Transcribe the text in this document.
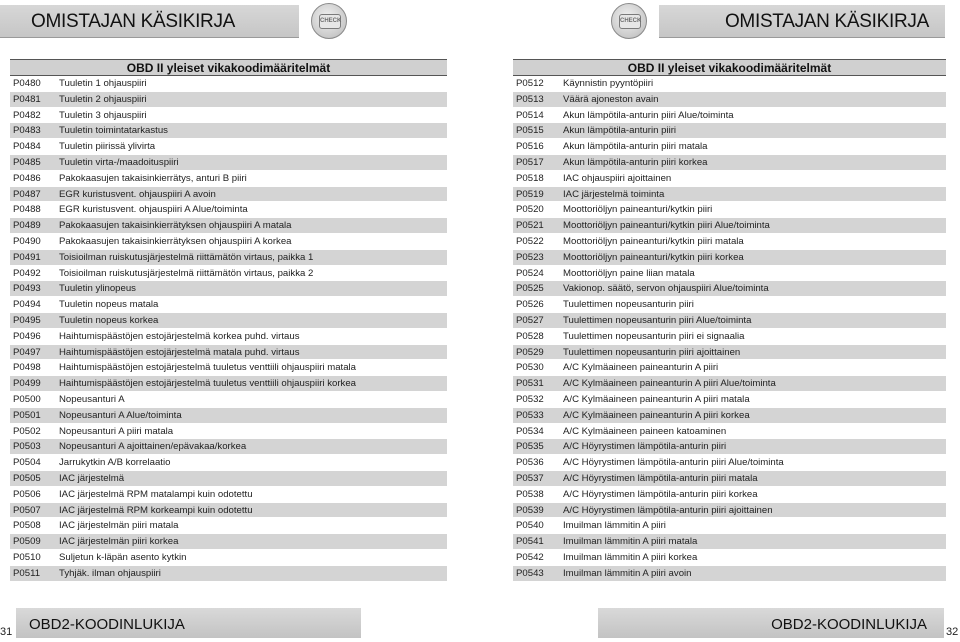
OMISTAJAN KÄSIKIRJA	CHECK	CHECK	OMISTAJAN KÄSIKIRJA
OBD II yleiset vikakoodimääritelmät
P0480	Tuuletin 1 ohjauspiiri
P0481	Tuuletin 2 ohjauspiiri
P0482	Tuuletin 3 ohjauspiiri
P0483	Tuuletin toimintatarkastus
P0484	Tuuletin piirissä ylivirta
P0485	Tuuletin virta-/maadoituspiiri
P0486	Pakokaasujen takaisinkierrätys, anturi B piiri
P0487	EGR kuristusvent. ohjauspiiri A avoin
P0488	EGR kuristusvent. ohjauspiiri A Alue/toiminta
P0489	Pakokaasujen takaisinkierrätyksen ohjauspiiri A matala
P0490	Pakokaasujen takaisinkierrätyksen ohjauspiiri A korkea
P0491	Toisioilman ruiskutusjärjestelmä riittämätön virtaus, paikka 1
P0492	Toisioilman ruiskutusjärjestelmä riittämätön virtaus, paikka 2
P0493	Tuuletin ylinopeus
P0494	Tuuletin nopeus matala
P0495	Tuuletin nopeus korkea
P0496	Haihtumispäästöjen estojärjestelmä korkea puhd. virtaus
P0497	Haihtumispäästöjen estojärjestelmä matala puhd. virtaus
P0498	Haihtumispäästöjen estojärjestelmä tuuletus venttiili ohjauspiiri matala
P0499	Haihtumispäästöjen estojärjestelmä tuuletus venttiili ohjauspiiri korkea
P0500	Nopeusanturi A
P0501	Nopeusanturi A Alue/toiminta
P0502	Nopeusanturi A piiri matala
P0503	Nopeusanturi A ajoittainen/epävakaa/korkea
P0504	Jarrukytkin A/B korrelaatio
P0505	IAC järjestelmä
P0506	IAC järjestelmä RPM matalampi kuin odotettu
P0507	IAC järjestelmä RPM korkeampi kuin odotettu
P0508	IAC järjestelmän piiri matala
P0509	IAC järjestelmän piiri korkea
P0510	Suljetun k-läpän asento kytkin
P0511	Tyhjäk. ilman ohjauspiiri
OBD II yleiset vikakoodimääritelmät
P0512	Käynnistin pyyntöpiiri
P0513	Väärä ajoneston avain
P0514	Akun lämpötila-anturin piiri Alue/toiminta
P0515	Akun lämpötila-anturin piiri
P0516	Akun lämpötila-anturin piiri matala
P0517	Akun lämpötila-anturin piiri korkea
P0518	IAC ohjauspiiri ajoittainen
P0519	IAC järjestelmä toiminta
P0520	Moottoriöljyn paineanturi/kytkin piiri
P0521	Moottoriöljyn paineanturi/kytkin piiri Alue/toiminta
P0522	Moottoriöljyn paineanturi/kytkin piiri matala
P0523	Moottoriöljyn paineanturi/kytkin piiri korkea
P0524	Moottoriöljyn paine liian matala
P0525	Vakionop. säätö, servon ohjauspiiri Alue/toiminta
P0526	Tuulettimen nopeusanturin piiri
P0527	Tuulettimen nopeusanturin piiri Alue/toiminta
P0528	Tuulettimen nopeusanturin piiri ei signaalia
P0529	Tuulettimen nopeusanturin piiri ajoittainen
P0530	A/C Kylmäaineen paineanturin A piiri
P0531	A/C Kylmäaineen paineanturin A piiri Alue/toiminta
P0532	A/C Kylmäaineen paineanturin A piiri matala
P0533	A/C Kylmäaineen paineanturin A piiri korkea
P0534	A/C Kylmäaineen paineen katoaminen
P0535	A/C Höyrystimen lämpötila-anturin piiri
P0536	A/C Höyrystimen lämpötila-anturin piiri Alue/toiminta
P0537	A/C Höyrystimen lämpötila-anturin piiri matala
P0538	A/C Höyrystimen lämpötila-anturin piiri korkea
P0539	A/C Höyrystimen lämpötila-anturin piiri ajoittainen
P0540	Imuilman lämmitin A piiri
P0541	Imuilman lämmitin A piiri matala
P0542	Imuilman lämmitin A piiri korkea
P0543	Imuilman lämmitin A piiri avoin
31	OBD2-KOODINLUKIJA	OBD2-KOODINLUKIJA	32
